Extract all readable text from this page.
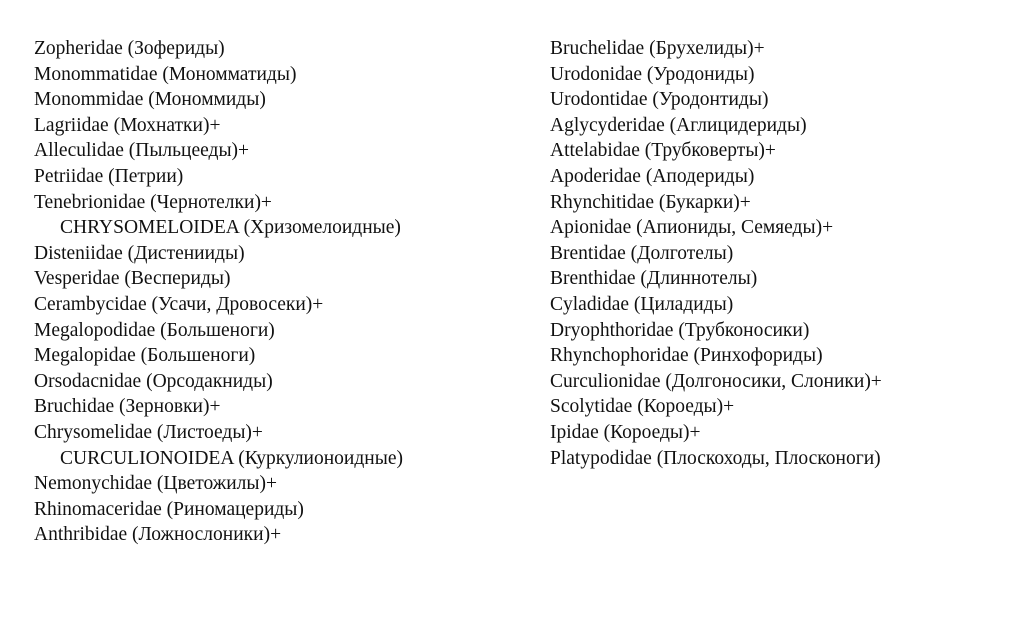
Zopheridae (Зофериды)
Monommatidae (Мономматиды)
Monommidae (Мономмиды)
Lagriidae (Мохнатки)+
Alleculidae (Пыльцееды)+
Petriidae (Петрии)
Tenebrionidae (Чернотелки)+
CHRYSOMELOIDEA (Хризомелоидные)
Disteniidae (Дистенииды)
Vesperidae (Веспериды)
Cerambycidae (Усачи, Дровосеки)+
Megalopodidae (Большеноги)
Megalopidae (Большеноги)
Orsodacnidae (Орсодакниды)
Bruchidae (Зерновки)+
Chrysomelidae (Листоеды)+
CURCULIONOIDEA (Куркулионоидные)
Nemonychidae (Цветожилы)+
Rhinomaceridae (Риномацериды)
Anthribidae (Ложнослоники)+
Bruchelidae (Брухелиды)+
Urodonidae (Уродониды)
Urodontidae (Уродонтиды)
Aglycyderidae (Аглицидериды)
Attelabidae (Трубковерты)+
Apoderidae (Аподериды)
Rhynchitidae (Букарки)+
Apionidae (Апиониды, Семяеды)+
Brentidae (Долготелы)
Brenthidae (Длиннотелы)
Cyladidae (Циладиды)
Dryophthoridae (Трубконосики)
Rhynchophoridae (Ринхофориды)
Curculionidae (Долгоносики, Слоники)+
Scolytidae (Короеды)+
Ipidae (Короеды)+
Platypodidae (Плоскоходы, Плосконоги)
